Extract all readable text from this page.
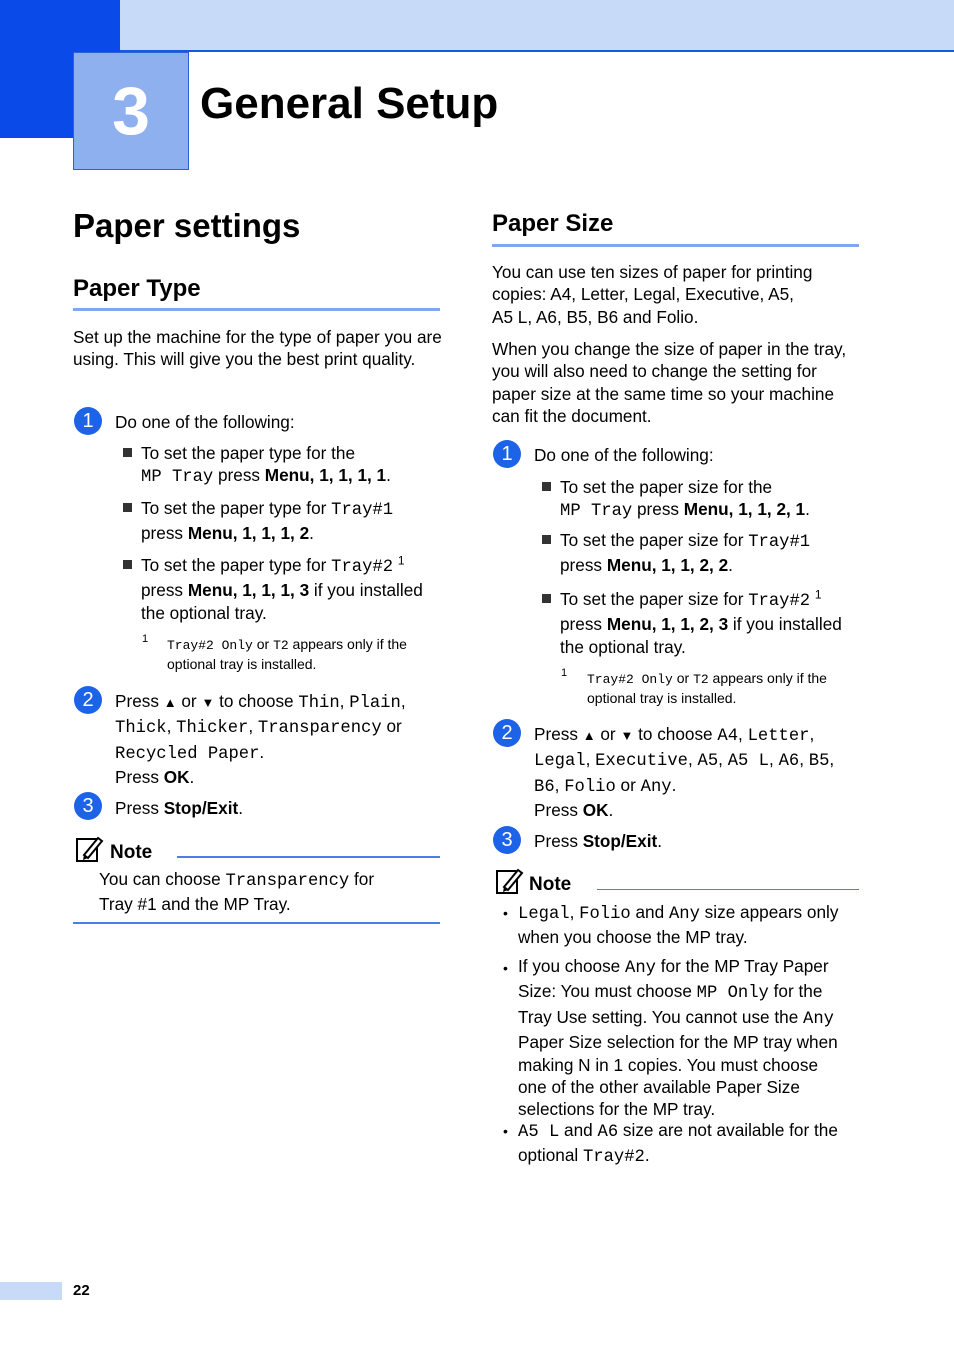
3 General Setup
Paper settings
Paper Type
Set up the machine for the type of paper you are using. This will give you the best print quality.
1 Do one of the following:
To set the paper type for the
MP Tray press Menu, 1, 1, 1, 1.
To set the paper type for Tray#1
press Menu, 1, 1, 1, 2.
To set the paper type for Tray#2 $^1$
press Menu, 1, 1, 1, 3 if you installed
the optional tray.
1 Tray#2 Only or T2 appears only if the
optional tray is installed.
2 Press ▲ or ▼ to choose Thin, Plain,
Thick, Thicker, Transparency or
Recycled Paper.
Press OK.
3 Press Stop/Exit.
Note
You can choose Transparency for
Tray #1 and the MP Tray.
Paper Size
You can use ten sizes of paper for printing
copies: A4, Letter, Legal, Executive, A5,
A5 L, A6, B5, B6 and Folio.
When you change the size of paper in the tray, you will also need to change the setting for paper size at the same time so your machine can fit the document.
1 Do one of the following:
To set the paper size for the
MP Tray press Menu, 1, 1, 2, 1.
To set the paper size for Tray#1
press Menu, 1, 1, 2, 2.
To set the paper size for Tray#2 $^1$
press Menu, 1, 1, 2, 3 if you installed
the optional tray.
1 Tray#2 Only or T2 appears only if the
optional tray is installed.
2 Press ▲ or ▼ to choose A4, Letter,
Legal, Executive, A5, A5 L, A6, B5,
B6, Folio or Any.
Press OK.
3 Press Stop/Exit.
Note
• Legal, Folio and Any size appears only
when you choose the MP tray.
• If you choose Any for the MP Tray Paper
Size: You must choose MP Only for the
Tray Use setting. You cannot use the Any
Paper Size selection for the MP tray when
making N in 1 copies. You must choose
one of the other available Paper Size
selections for the MP tray.
• A5 L and A6 size are not available for the
optional Tray#2.
22
